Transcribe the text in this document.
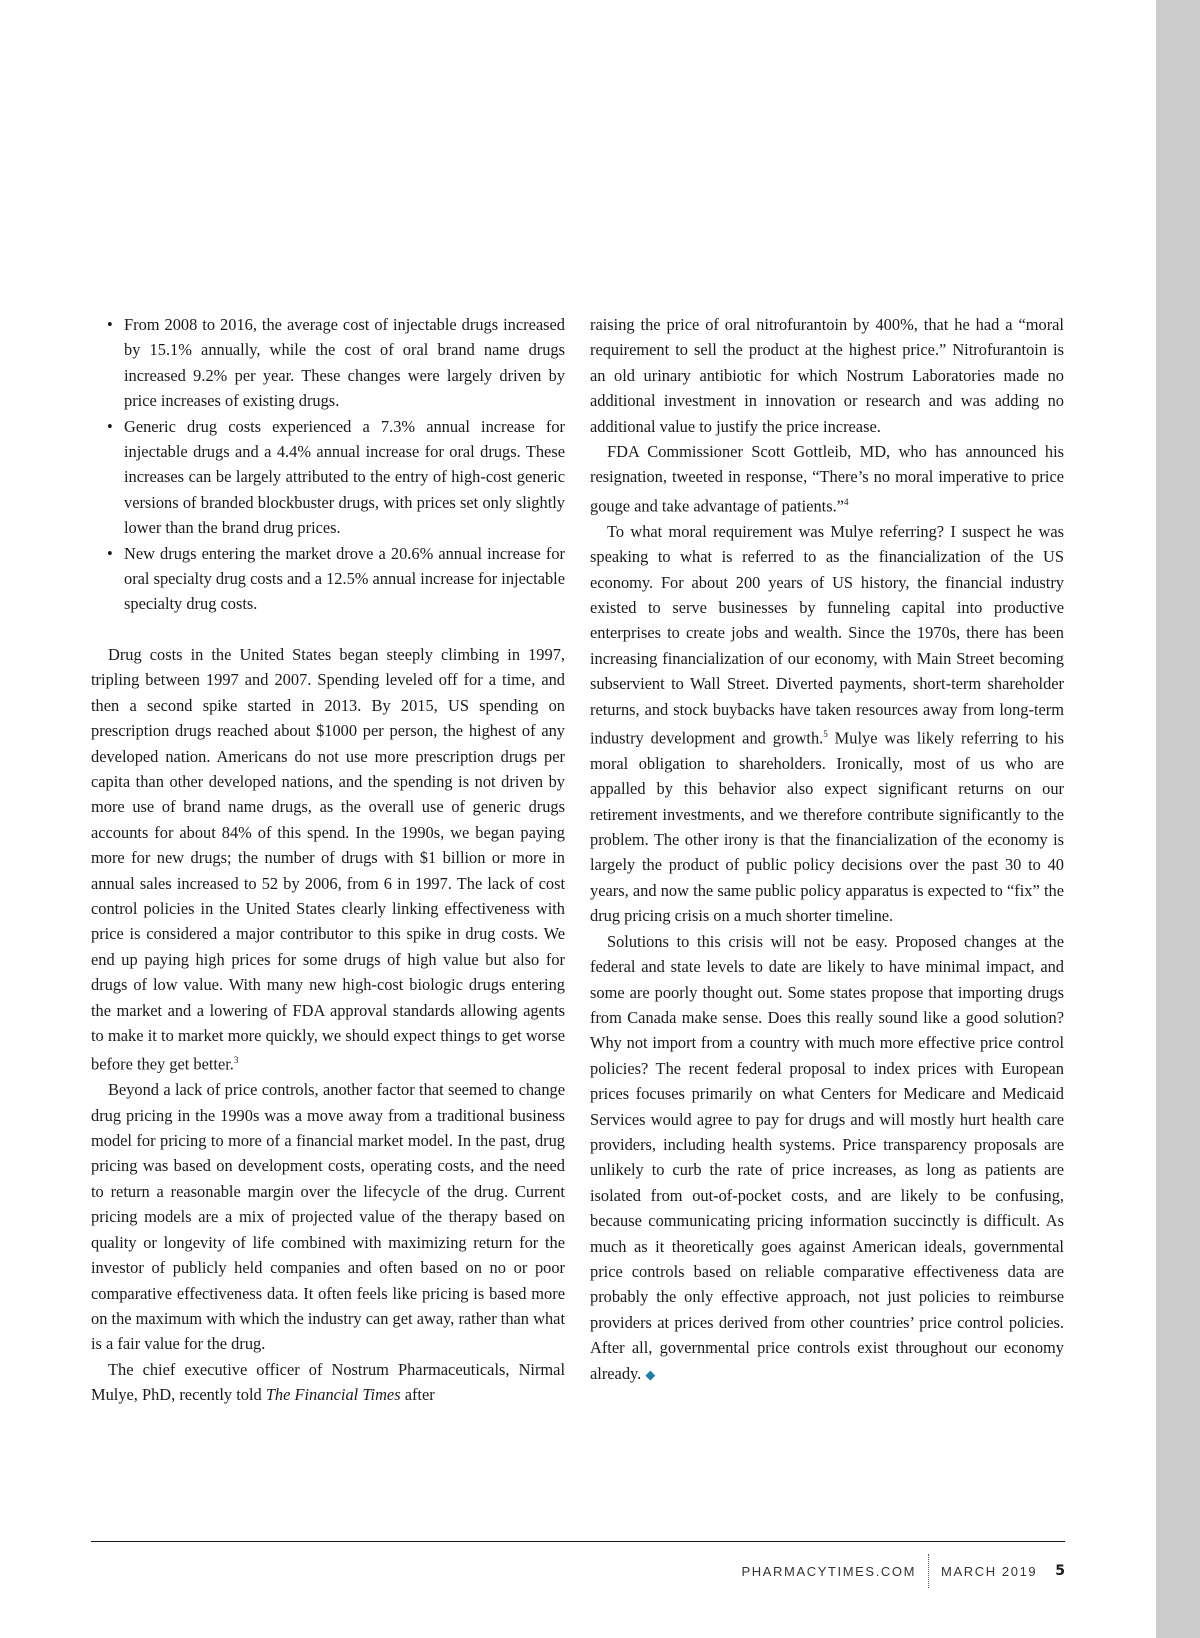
• From 2008 to 2016, the average cost of injectable drugs increased by 15.1% annually, while the cost of oral brand name drugs increased 9.2% per year. These changes were largely driven by price increases of existing drugs.
• Generic drug costs experienced a 7.3% annual increase for injectable drugs and a 4.4% annual increase for oral drugs. These increases can be largely attributed to the entry of high-cost generic versions of branded blockbuster drugs, with prices set only slightly lower than the brand drug prices.
• New drugs entering the market drove a 20.6% annual increase for oral specialty drug costs and a 12.5% annual increase for injectable specialty drug costs.

Drug costs in the United States began steeply climbing in 1997, tripling between 1997 and 2007. Spending leveled off for a time, and then a second spike started in 2013. By 2015, US spending on prescription drugs reached about $1000 per person, the highest of any developed nation. Americans do not use more prescription drugs per capita than other developed nations, and the spending is not driven by more use of brand name drugs, as the overall use of generic drugs accounts for about 84% of this spend. In the 1990s, we began paying more for new drugs; the number of drugs with $1 billion or more in annual sales increased to 52 by 2006, from 6 in 1997. The lack of cost control policies in the United States clearly linking effectiveness with price is considered a major contributor to this spike in drug costs. We end up paying high prices for some drugs of high value but also for drugs of low value. With many new high-cost biologic drugs entering the market and a lowering of FDA approval standards allowing agents to make it to market more quickly, we should expect things to get worse before they get better.$^3$

Beyond a lack of price controls, another factor that seemed to change drug pricing in the 1990s was a move away from a traditional business model for pricing to more of a financial market model. In the past, drug pricing was based on development costs, operating costs, and the need to return a reasonable margin over the lifecycle of the drug. Current pricing models are a mix of projected value of the therapy based on quality or longevity of life combined with maximizing return for the investor of publicly held companies and often based on no or poor comparative effectiveness data. It often feels like pricing is based more on the maximum with which the industry can get away, rather than what is a fair value for the drug.

The chief executive officer of Nostrum Pharmaceuticals, Nirmal Mulye, PhD, recently told The Financial Times after

raising the price of oral nitrofurantoin by 400%, that he had a “moral requirement to sell the product at the highest price.” Nitrofurantoin is an old urinary antibiotic for which Nostrum Laboratories made no additional investment in innovation or research and was adding no additional value to justify the price increase.

FDA Commissioner Scott Gottleib, MD, who has announced his resignation, tweeted in response, “There’s no moral imperative to price gouge and take advantage of patients.”$^4$

To what moral requirement was Mulye referring? I suspect he was speaking to what is referred to as the financialization of the US economy. For about 200 years of US history, the financial industry existed to serve businesses by funneling capital into productive enterprises to create jobs and wealth. Since the 1970s, there has been increasing financialization of our economy, with Main Street becoming subservient to Wall Street. Diverted payments, short-term shareholder returns, and stock buybacks have taken resources away from long-term industry development and growth.$^5$ Mulye was likely referring to his moral obligation to shareholders. Ironically, most of us who are appalled by this behavior also expect significant returns on our retirement investments, and we therefore contribute significantly to the problem. The other irony is that the financialization of the economy is largely the product of public policy decisions over the past 30 to 40 years, and now the same public policy apparatus is expected to “fix” the drug pricing crisis on a much shorter timeline.

Solutions to this crisis will not be easy. Proposed changes at the federal and state levels to date are likely to have minimal impact, and some are poorly thought out. Some states propose that importing drugs from Canada make sense. Does this really sound like a good solution? Why not import from a country with much more effective price control policies? The recent federal proposal to index prices with European prices focuses primarily on what Centers for Medicare and Medicaid Services would agree to pay for drugs and will mostly hurt health care providers, including health systems. Price transparency proposals are unlikely to curb the rate of price increases, as long as patients are isolated from out-of-pocket costs, and are likely to be confusing, because communicating pricing information succinctly is difficult. As much as it theoretically goes against American ideals, governmental price controls based on reliable comparative effectiveness data are probably the only effective approach, not just policies to reimburse providers at prices derived from other countries’ price control policies. After all, governmental price controls exist throughout our economy already. ◆

PHARMACYTIMES.COM MARCH 2019 5
